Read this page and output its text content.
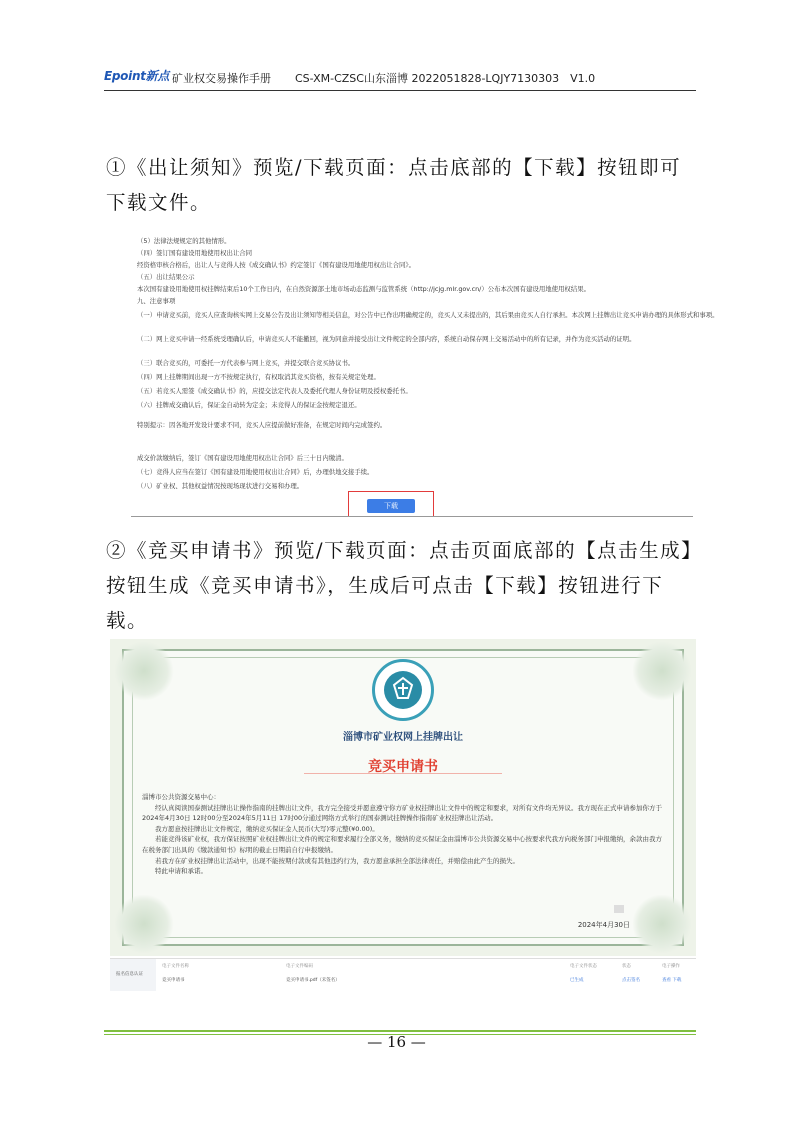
Epoint新点 矿业权交易操作手册 CS-XM-CZSC山东淄博 2022051828-LQJY7130303　V1.0
①《出让须知》预览/下载页面：点击底部的【下载】按钮即可下载文件。
（5）法律法规规定的其他情形。
（四）签订国有建设用地使用权出让合同
经资格审核合格后，出让人与竞得人按《成交确认书》约定签订《国有建设用地使用权出让合同》。
（五）出让结果公示
本次国有建设用地使用权挂牌结束后10个工作日内，在自然资源部土地市场动态监测与监管系统（http://jcjg.mlr.gov.cn/）公布本次国有建设用地使用权结果。
九、注意事项
（一）申请竞买前，竞买人应查询核实网上交易公告及出让须知等相关信息，对公告中已作出明确规定的，竞买人又未提出的，其后果由竞买人自行承担。本次网上挂牌出让竞买申请办理的具体形式和事项。
（二）网上竞买申请一经系统受理确认后，申请竞买人不能撤回，视为同意并接受出让文件规定的全部内容，系统自动保存网上交易活动中的所有记录，并作为竞买活动的证明。
（三）联合竞买的，可委托一方代表参与网上竞买，并提交联合竞买协议书。
（四）网上挂牌期间出现一方不按规定执行，有权取消其竞买资格，按有关规定处理。
（五）若竞买人需签《成交确认书》的，应提交法定代表人及委托代理人身份证明及授权委托书。
（六）挂牌成交确认后，保证金自动转为定金；未竞得人的保证金按规定退还。
特别提示：因各地开发设计要求不同，竞买人应提前做好准备，在规定时间内完成签约。
成交价款缴纳后，签订《国有建设用地使用权出让合同》后三十日内缴清。
（七）竞得人应当在签订《国有建设用地使用权出让合同》后，办理供地交接手续。
（八）矿业权、其他权益情况按现场现状进行交易和办理。
下载
②《竞买申请书》预览/下载页面：点击页面底部的【点击生成】按钮生成《竞买申请书》，生成后可点击【下载】按钮进行下载。
淄博市矿业权网上挂牌出让
竞买申请书

淄博市公共资源交易中心：

经认真阅读国泰测试挂牌出让操作指南的挂牌出让文件，我方完全接受并愿意遵守你方矿业权挂牌出让文件中的规定和要求，对所有文件均无异议。我方现在正式申请参加你方于2024年4月30日 12时00分至2024年5月11日 17时00分通过网络方式举行的国泰测试挂牌操作指南矿业权挂牌出让活动。

我方愿意按挂牌出让文件规定，缴纳竞买保证金人民币(大写)零元整(¥0.00)。

若能竞得该矿业权，我方保证按照矿业权挂牌出让文件的规定和要求履行全部义务，缴纳的竞买保证金由淄博市公共资源交易中心按要求代我方向税务部门申报缴纳，余款由我方在税务部门出具的《缴款通知书》标明的截止日期前自行申报缴纳。

若我方在矿业权挂牌出让活动中，出现不能按期付款或有其他违约行为，我方愿意承担全部法律责任，并赔偿由此产生的损失。

特此申请和承诺。

2024年4月30日
报名信息认证
电子文件名称	电子文件编码	电子文件状态	状态	电子操作
竞买申请书	竞买申请书.pdf（未签名）	已生成	点击签名	查看 下载
— 16 —
